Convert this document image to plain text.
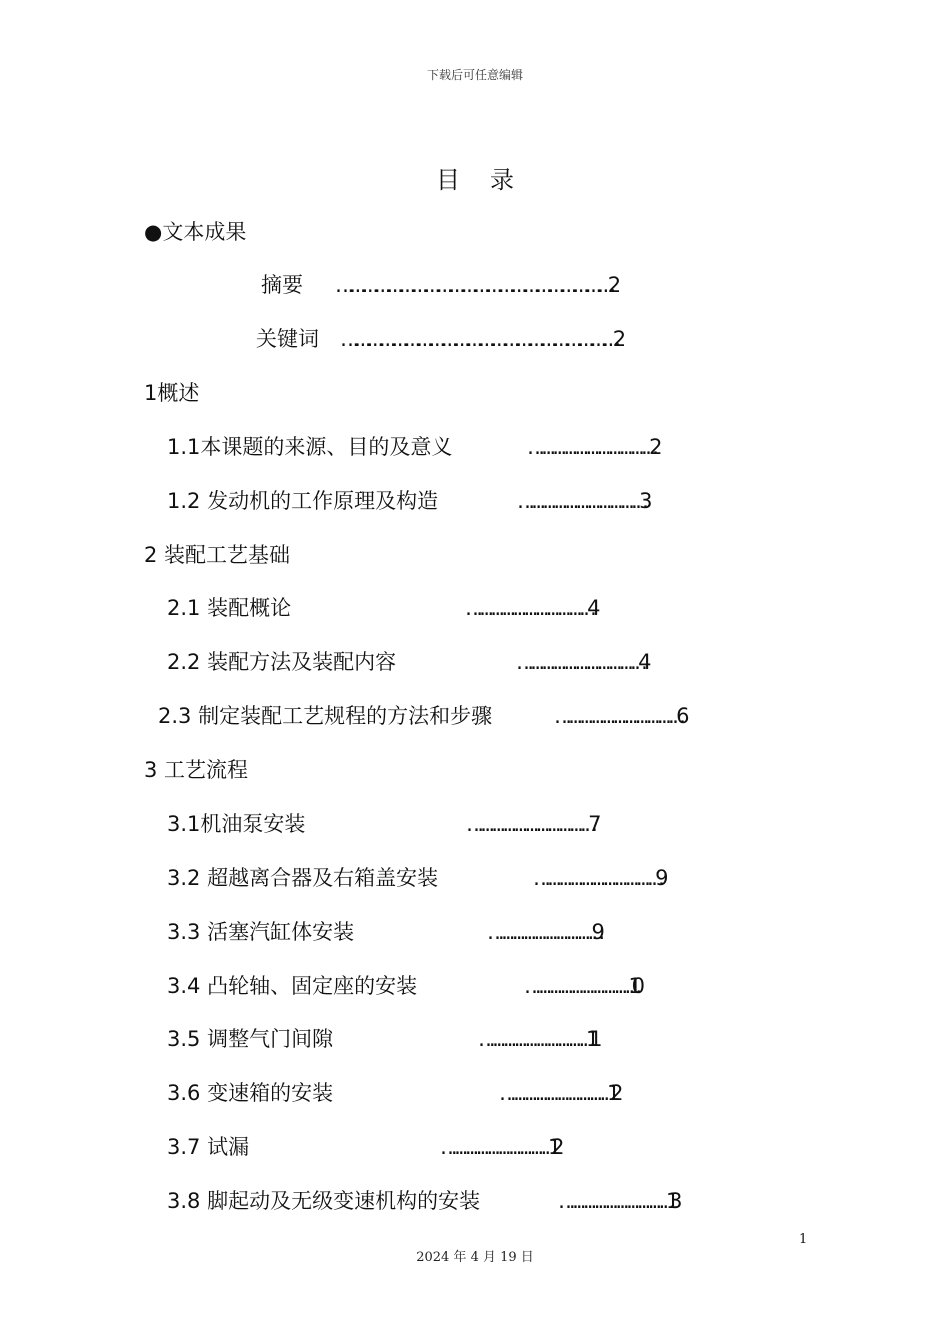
下载后可任意编辑
目录
●文本成果
摘要 …………………………………………………………2
关键词 …………………………………………………………2
1概述
1.1本课题的来源、目的及意义	……………………………2
1.2 发动机的工作原理及构造	……………………………3
2 装配工艺基础
2.1 装配概论	……………………………4
2.2 装配方法及装配内容	……………………………4
2.3 制定装配工艺规程的方法和步骤	……………………………6
3 工艺流程
3.1机油泵安装	……………………………7
3.2 超越离合器及右箱盖安装	……………………………9
3.3 活塞汽缸体安装	………………………… 9
3.4 凸轮轴、固定座的安装	………………………… 10
3.5 调整气门间隙	…………………………11
3.6 变速箱的安装	…………………………12
3.7 试漏	…………………………12
3.8 脚起动及无级变速机构的安装	…………………………13
1
2024 年 4 月 19 日
